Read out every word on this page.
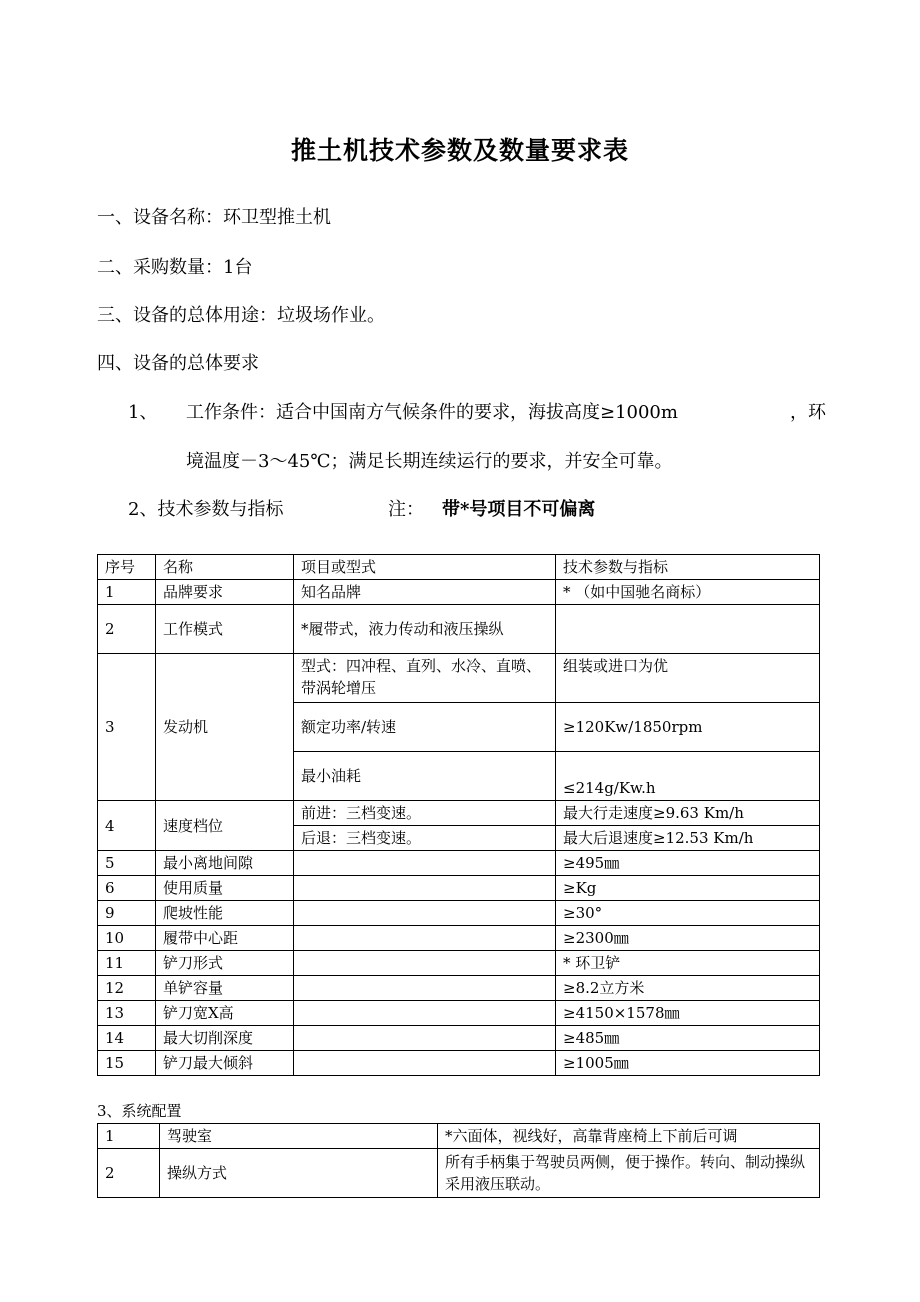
推土机技术参数及数量要求表
一、设备名称：环卫型推土机
二、采购数量：1台
三、设备的总体用途：垃圾场作业。
四、设备的总体要求
1、 工作条件：适合中国南方气候条件的要求，海拔高度≥1000m	，环
境温度－3～45℃；满足长期连续运行的要求，并安全可靠。
2、技术参数与指标	注： 带*号项目不可偏离
序号	名称	项目或型式	技术参数与指标
1	品牌要求	知名品牌	* （如中国驰名商标）
2	工作模式	*履带式，液力传动和液压操纵	
3	发动机	型式：四冲程、直列、水冷、直喷、带涡轮增压	组装或进口为优
		额定功率/转速	≥120Kw/1850rpm
		最小油耗	≤214g/Kw.h
4	速度档位	前进：三档变速。	最大行走速度≥9.63 Km/h
		后退：三档变速。	最大后退速度≥12.53 Km/h
5	最小离地间隙		≥495㎜
6	使用质量		≥Kg
9	爬坡性能		≥30°
10	履带中心距		≥2300㎜
11	铲刀形式		* 环卫铲
12	单铲容量		≥8.2立方米
13	铲刀宽X高		≥4150×1578㎜
14	最大切削深度		≥485㎜
15	铲刀最大倾斜		≥1005㎜
3、系统配置
1	驾驶室	*六面体，视线好，高靠背座椅上下前后可调
2	操纵方式	所有手柄集于驾驶员两侧，便于操作。转向、制动操纵采用液压联动。
